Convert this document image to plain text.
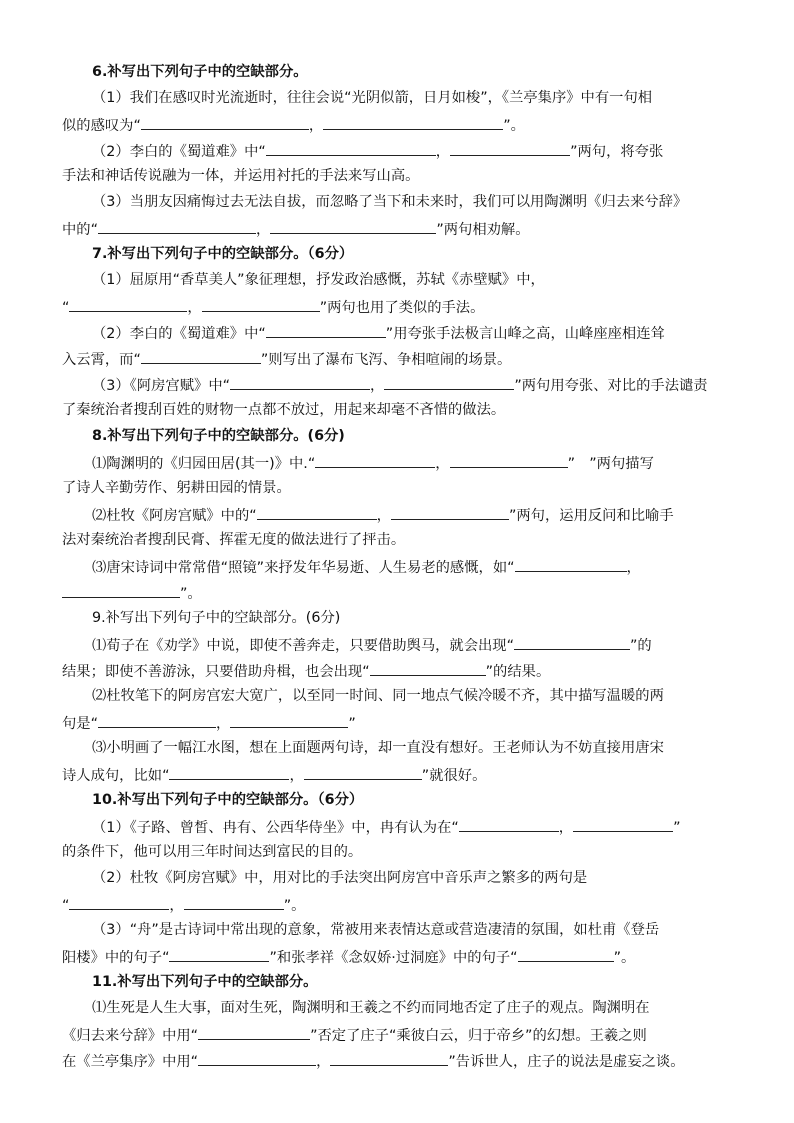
6.补写出下列句子中的空缺部分。
（1）我们在感叹时光流逝时，往往会说“光阴似箭，日月如梭”，《兰亭集序》中有一句相
似的感叹为“	，	”。
（2）李白的《蜀道难》中“	，	”两句，将夸张
手法和神话传说融为一体，并运用衬托的手法来写山高。
（3）当朋友因痛悔过去无法自拔，而忽略了当下和未来时，我们可以用陶渊明《归去来兮辞》
中的“	，	”两句相劝解。
7.补写出下列句子中的空缺部分。（6分）
（1）屈原用“香草美人”象征理想，抒发政治感慨，苏轼《赤壁赋》中，
“	，	”两句也用了类似的手法。
（2）李白的《蜀道难》中“	”用夸张手法极言山峰之高，山峰座座相连耸
入云霄，而“	”则写出了瀑布飞泻、争相喧闹的场景。
（3）《阿房宫赋》中“	，	”两句用夸张、对比的手法谴责
了秦统治者搜刮百姓的财物一点都不放过，用起来却毫不吝惜的做法。
8.补写出下列句子中的空缺部分。(6分)
⑴陶渊明的《归园田居(其一)》中.“	，	”　”两句描写
了诗人辛勤劳作、躬耕田园的情景。
⑵杜牧《阿房宫赋》中的“	，	”两句，运用反问和比喻手
法对秦统治者搜刮民膏、挥霍无度的做法进行了抨击。
⑶唐宋诗词中常常借“照镜”来抒发年华易逝、人生易老的感慨，如“	，
”。
9.补写出下列句子中的空缺部分。(6分)
⑴荀子在《劝学》中说，即使不善奔走，只要借助舆马，就会出现“	”的
结果；即使不善游泳，只要借助舟楫，也会出现“	”的结果。
⑵杜牧笔下的阿房宫宏大宽广，以至同一时间、同一地点气候冷暖不齐，其中描写温暖的两
句是“	，	”
⑶小明画了一幅江水图，想在上面题两句诗，却一直没有想好。王老师认为不妨直接用唐宋
诗人成句，比如“	，	”就很好。
10.补写出下列句子中的空缺部分。（6分）
（1）《子路、曾皙、冉有、公西华侍坐》中，冉有认为在“	，	”
的条件下，他可以用三年时间达到富民的目的。
（2）杜牧《阿房宫赋》中，用对比的手法突出阿房宫中音乐声之繁多的两句是
“	，	”。
（3）“舟”是古诗词中常出现的意象，常被用来表情达意或营造凄清的氛围，如杜甫《登岳
阳楼》中的句子“	”和张孝祥《念奴娇·过洞庭》中的句子“	”。
11.补写出下列句子中的空缺部分。
⑴生死是人生大事，面对生死，陶渊明和王羲之不约而同地否定了庄子的观点。陶渊明在
《归去来兮辞》中用“	”否定了庄子“乘彼白云，归于帝乡”的幻想。王羲之则
在《兰亭集序》中用“	，	”告诉世人，庄子的说法是虚妄之谈。
